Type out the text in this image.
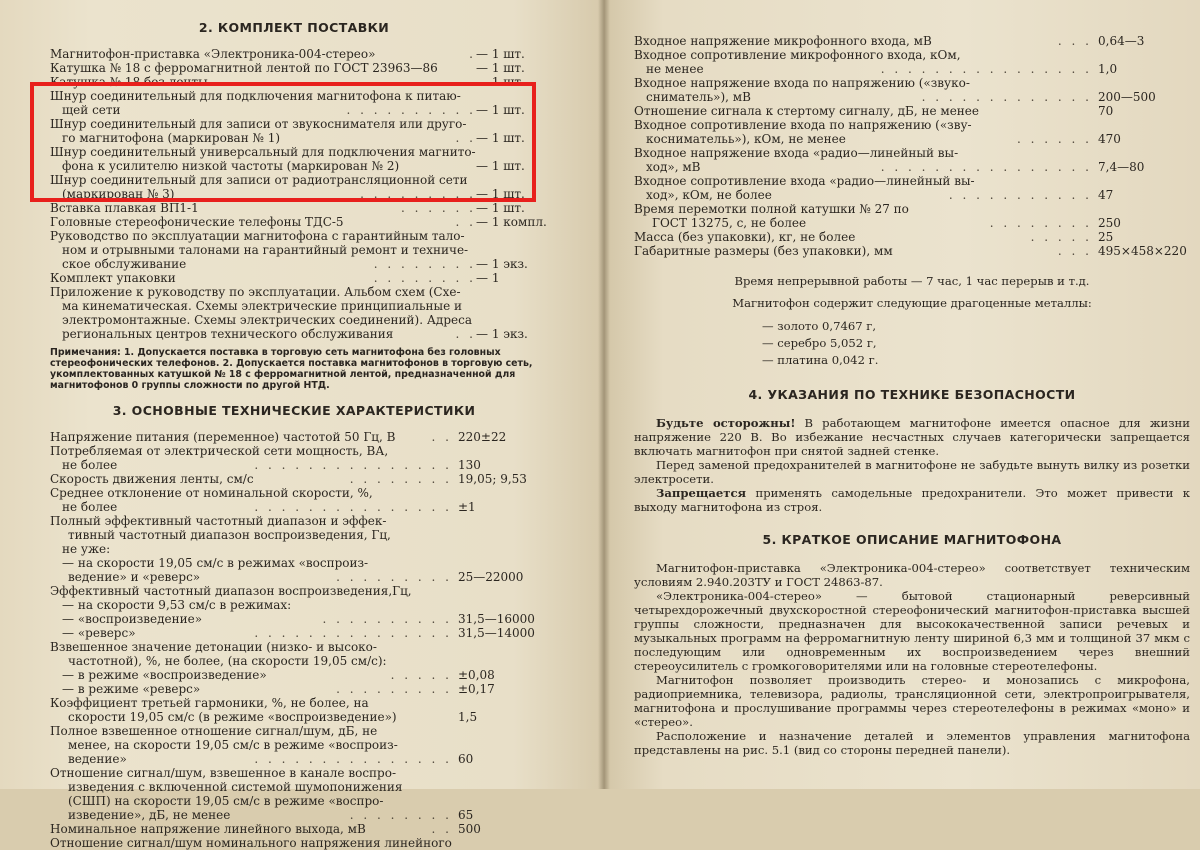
2. КОМПЛЕКТ ПОСТАВКИ
Магнитофон-приставка «Электроника-004-стерео»	. — 1 шт.
Катушка № 18 с ферромагнитной лентой по ГОСТ 23963—86	— 1 шт.
Катушка № 18 без ленты	. . — 1 шт.
Шнур соединительный для подключения магнитофона к питаю-
щей сети	. . . . . . . . . . — 1 шт.
Шнур соединительный для записи от звукоснимателя или друго-
го магнитофона (маркирован № 1)	. . — 1 шт.
Шнур соединительный универсальный для подключения магнито-
фона к усилителю низкой частоты (маркирован № 2)	— 1 шт.
Шнур соединительный для записи от радиотрансляционной сети
(маркирован № 3)	. . . . . . . . . — 1 шт.
Вставка плавкая ВП1-1	. . . . . . — 1 шт.
Головные стереофонические телефоны ТДС-5	. . — 1 компл.
Руководство по эксплуатации магнитофона с гарантийным тало-
ном и отрывными талонами на гарантийный ремонт и техниче-
ское обслуживание	. . . . . . . . — 1 экз.
Комплект упаковки	. . . . . . . . — 1
Приложение к руководству по эксплуатации. Альбом схем (Схе-
ма кинематическая. Схемы электрические принципиальные и
электромонтажные. Схемы электрических соединений). Адреса
региональных центров технического обслуживания	. . — 1 экз.
Примечания: 1. Допускается поставка в торговую сеть магнитофона без головных стереофонических телефонов. 2. Допускается поставка магнитофонов в торговую сеть, укомплектованных катушкой № 18 с ферромагнитной лентой, предназначенной для магнитофонов 0 группы сложности по другой НТД.
3. ОСНОВНЫЕ ТЕХНИЧЕСКИЕ ХАРАКТЕРИСТИКИ
Напряжение питания (переменное) частотой 50 Гц, В	. . 220±22
Потребляемая от электрической сети мощность, ВА,
не более	. . . . . . . . . . . . . . . 130
Скорость движения ленты, см/с	. . . . . . . . 19,05; 9,53
Среднее отклонение от номинальной скорости, %,
не более	. . . . . . . . . . . . . . . ±1
Полный эффективный частотный диапазон и эффек-
тивный частотный диапазон воспроизведения, Гц,
не уже:
— на скорости 19,05 см/с в режимах «воспроиз-
ведение» и «реверс»	. . . . . . . . . 25—22000
Эффективный частотный диапазон воспроизведения,Гц,
— на скорости 9,53 см/с в режимах:
— «воспроизведение»	. . . . . . . . . . 31,5—16000
— «реверс»	. . . . . . . . . . . . . . . 31,5—14000
Взвешенное значение детонации (низко- и высоко-
частотной), %, не более, (на скорости 19,05 см/с):
— в режиме «воспроизведение»	. . . . . ±0,08
— в режиме «реверс»	. . . . . . . . . ±0,17
Коэффициент третьей гармоники, %, не более, на
скорости 19,05 см/с (в режиме «воспроизведение»)	1,5
Полное взвешенное отношение сигнал/шум, дБ, не
менее, на скорости 19,05 см/с в режиме «воспроиз-
ведение»	. . . . . . . . . . . . . . . 60
Отношение сигнал/шум, взвешенное в канале воспро-
изведения с включенной системой шумопонижения
(СШП) на скорости 19,05 см/с в режиме «воспро-
изведение», дБ, не менее	. . . . . . . . 65
Номинальное напряжение линейного выхода, мВ	. . 500
Отношение сигнал/шум номинального напряжения линейного
Входное напряжение микрофонного входа, мВ	. . . 0,64—3
Входное сопротивление микрофонного входа, кОм,
не менее	. . . . . . . . . . . . . . . . 1,0
Входное напряжение входа по напряжению («звуко-
сниматель»), мВ	. . . . . . . . . . . . . 200—500
Отношение сигнала к стертому сигналу, дБ, не менее	70
Входное сопротивление входа по напряжению («зву-
коснимательь»), кОм, не менее	. . . . . . 470
Входное напряжение входа «радио—линейный вы-
ход», мВ	. . . . . . . . . . . . . . . . 7,4—80
Входное сопротивление входа «радио—линейный вы-
ход», кОм, не более	. . . . . . . . . . . 47
Время перемотки полной катушки № 27 по
ГОСТ 13275, с, не более	. . . . . . . . 250
Масса (без упаковки), кг, не более	. . . . . 25
Габаритные размеры (без упаковки), мм	. . . 495×458×220

Время непрерывной работы — 7 час, 1 час перерыв и т.д.

Магнитофон содержит следующие драгоценные металлы:

— золото 0,7467 г,
— серебро 5,052 г,
— платина 0,042 г.
4. УКАЗАНИЯ ПО ТЕХНИКЕ БЕЗОПАСНОСТИ

Будьте осторожны! В работающем магнитофоне имеется опасное для жизни напряжение 220 В. Во избежание несчастных случаев категорически запрещается включать магнитофон при снятой задней стенке.

Перед заменой предохранителей в магнитофоне не забудьте вынуть вилку из розетки электросети.

Запрещается применять самодельные предохранители. Это может привести к выходу магнитофона из строя.

5. КРАТКОЕ ОПИСАНИЕ МАГНИТОФОНА

Магнитофон-приставка «Электроника-004-стерео» соответствует техническим условиям 2.940.203ТУ и ГОСТ 24863-87.

«Электроника-004-стерео» — бытовой стационарный реверсивный четырехдорожечный двухскоростной стереофонический магнитофон-приставка высшей группы сложности, предназначен для высококачественной записи речевых и музыкальных программ на ферромагнитную ленту шириной 6,3 мм и толщиной 37 мкм с последующим или одновременным их воспроизведением через внешний стереоусилитель с громкоговорителями или на головные стереотелефоны.

Магнитофон позволяет производить стерео- и монозапись с микрофона, радиоприемника, телевизора, радиолы, трансляционной сети, электропроигрывателя, магнитофона и прослушивание программы через стереотелефоны в режимах «моно» и «стерео».

Расположение и назначение деталей и элементов управления магнитофона представлены на рис. 5.1 (вид со стороны передней панели).
